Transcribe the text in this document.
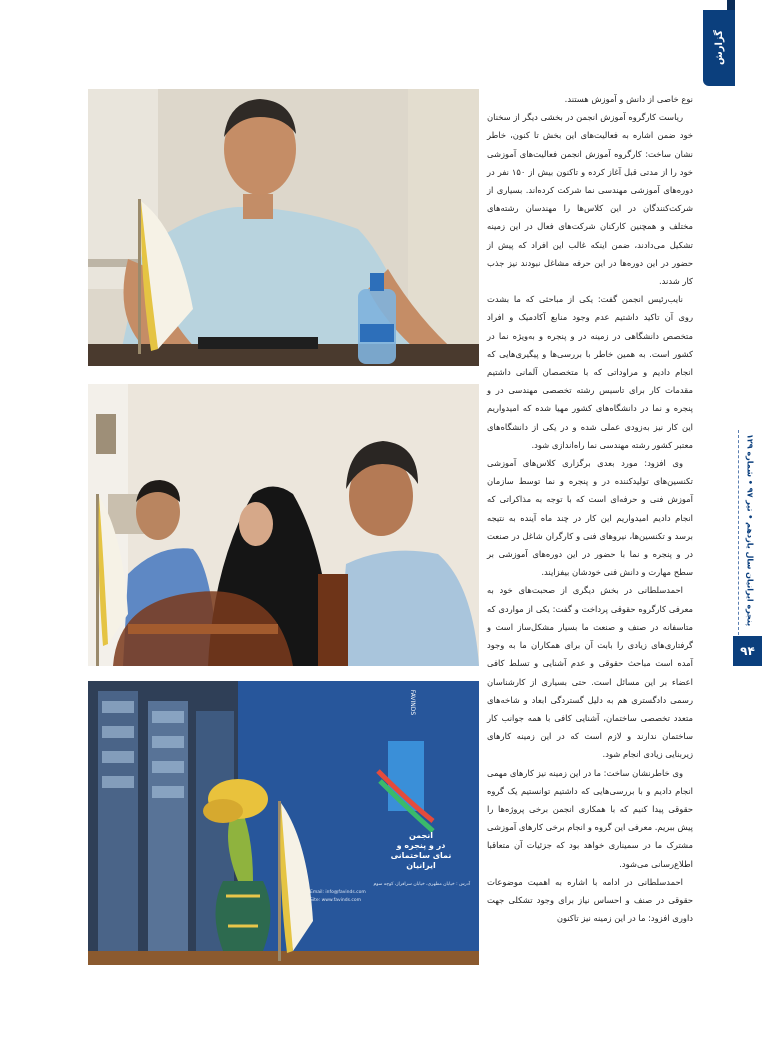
گزارش
FAVINDS
انجمن
در و پنجره و
نمای ساختمانی
ایرانیان
آدرس : خیابان مطهری، خیابان سرافراز، کوچه سوم
Email: info@favinds.com
Site: www.favinds.com

نوع خاصی از دانش و آموزش هستند.

ریاست کارگروه آموزش انجمن در بخشی دیگر از سخنان خود ضمن اشاره به فعالیت‌های این بخش تا کنون، خاطر نشان ساخت: کارگروه آموزش انجمن فعالیت‌های آموزشی خود را از مدتی قبل آغاز کرده و تاکنون بیش از ۱۵۰ نفر در دوره‌های آموزشی مهندسی نما شرکت کرده‌اند. بسیاری از شرکت‌کنندگان در این کلاس‌ها را مهندسان رشته‌های مختلف و همچنین کارکنان شرکت‌های فعال در این زمینه تشکیل می‌دادند، ضمن اینکه غالب این افراد که پیش از حضور در این دوره‌ها در این حرفه مشاغل نبودند نیز جذب کار شدند.

نایب‌رئیس انجمن گفت: یکی از مباحثی که ما بشدت روی آن تاکید داشتیم عدم وجود منابع آکادمیک و افراد متخصص دانشگاهی در زمینه در و پنجره و به‌ویژه نما در کشور است. به همین خاطر با بررسی‌ها و پیگیری‌هایی که انجام دادیم و مراوداتی که با متخصصان آلمانی داشتیم مقدمات کار برای تاسیس رشته تخصصی مهندسی در و پنجره و نما در دانشگاه‌های کشور مهیا شده که امیدواریم این کار نیز به‌زودی عملی شده و در یکی از دانشگاه‌های معتبر کشور رشته مهندسی نما راه‌اندازی شود.

وی افزود: مورد بعدی برگزاری کلاس‌های آموزشی تکنسین‌های تولیدکننده در و پنجره و نما توسط سازمان آموزش فنی و حرفه‌ای است که با توجه به مذاکراتی که انجام دادیم امیدواریم این کار در چند ماه آینده به نتیجه برسد و تکنسین‌ها، نیروهای فنی و کارگران شاغل در صنعت در و پنجره و نما با حضور در این دوره‌های آموزشی بر سطح مهارت و دانش فنی خودشان بیفزایند.

احمدسلطانی در بخش دیگری از صحبت‌های خود به معرفی کارگروه حقوقی پرداخت و گفت: یکی از مواردی که متاسفانه در صنف و صنعت ما بسیار مشکل‌ساز است و گرفتاری‌های زیادی را بابت آن برای همکاران ما به وجود آمده است مباحث حقوقی و عدم آشنایی و تسلط کافی اعضاء بر این مسائل است. حتی بسیاری از کارشناسان رسمی دادگستری هم به دلیل گستردگی ابعاد و شاخه‌های متعدد تخصصی ساختمان، آشنایی کافی با همه جوانب کار ساختمان ندارند و لازم است که در این زمینه کارهای زیربنایی زیادی انجام شود.

وی خاطرنشان ساخت: ما در این زمینه نیز کارهای مهمی انجام دادیم و با بررسی‌هایی که داشتیم توانستیم یک گروه حقوقی پیدا کنیم که با همکاری انجمن برخی پروژه‌ها را پیش ببریم. معرفی این گروه و انجام برخی کارهای آموزشی مشترک ما در سمیناری خواهد بود که جزئیات آن متعاقبا اطلاع‌رسانی می‌شود.

احمدسلطانی در ادامه با اشاره به اهمیت موضوعات حقوقی در صنف و احساس نیاز برای وجود تشکلی جهت داوری افزود: ما در این زمینه نیز تاکنون

پنجره ایرانیان سال یازدهم • تیر ۹۷ • شماره ۱۲۹
۹۴
